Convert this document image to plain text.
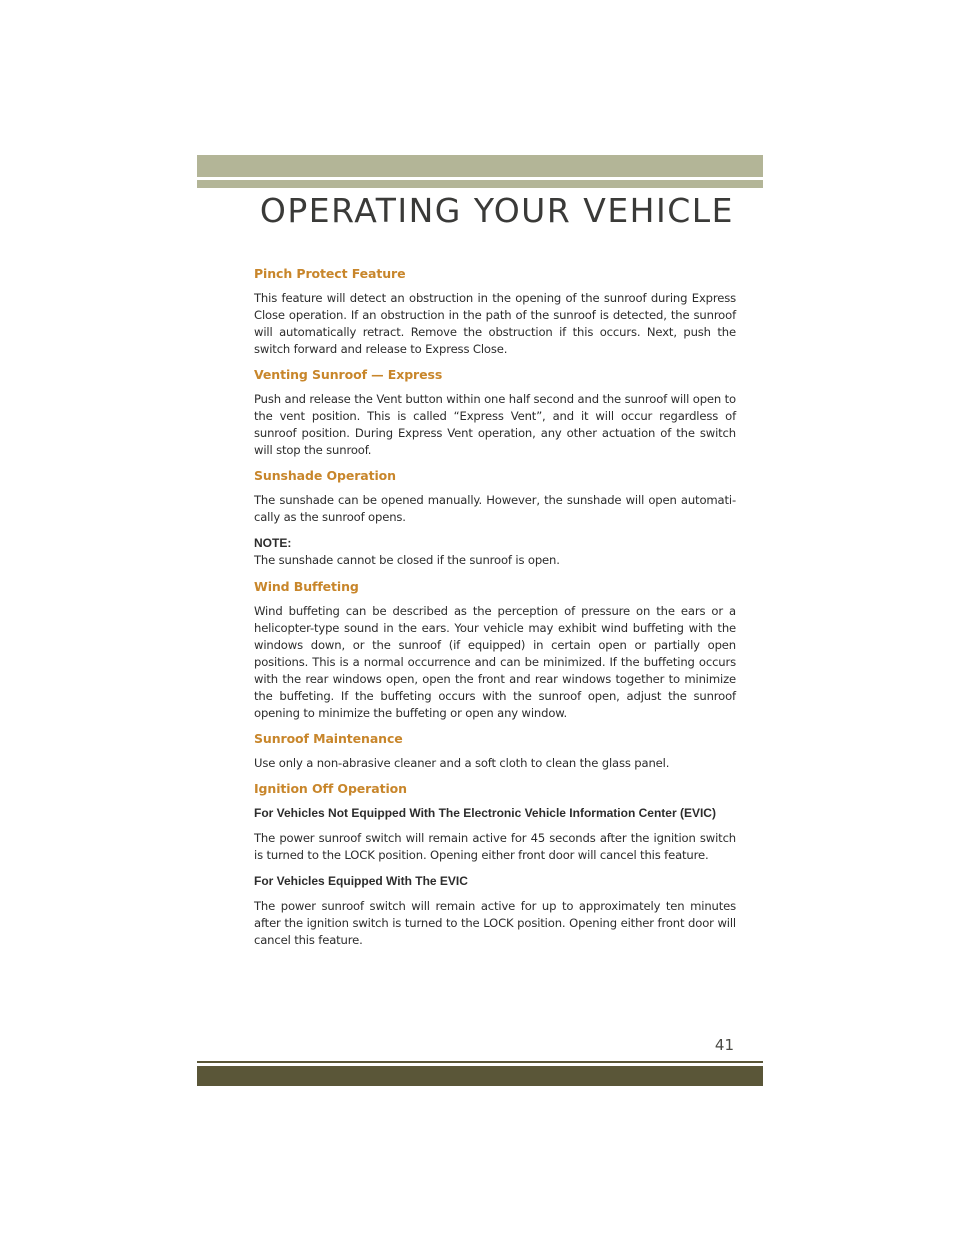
OPERATING YOUR VEHICLE
Pinch Protect Feature

This feature will detect an obstruction in the opening of the sunroof during Express Close operation. If an obstruction in the path of the sunroof is detected, the sunroof will automatically retract. Remove the obstruction if this occurs. Next, push the switch forward and release to Express Close.

Venting Sunroof — Express

Push and release the Vent button within one half second and the sunroof will open to the vent position. This is called “Express Vent”, and it will occur regardless of sunroof position. During Express Vent operation, any other actuation of the switch will stop the sunroof.

Sunshade Operation

The sunshade can be opened manually. However, the sunshade will open automati-cally as the sunroof opens.

NOTE:

The sunshade cannot be closed if the sunroof is open.

Wind Buffeting

Wind buffeting can be described as the perception of pressure on the ears or a helicopter-type sound in the ears. Your vehicle may exhibit wind buffeting with the windows down, or the sunroof (if equipped) in certain open or partially open positions. This is a normal occurrence and can be minimized. If the buffeting occurs with the rear windows open, open the front and rear windows together to minimize the buffeting. If the buffeting occurs with the sunroof open, adjust the sunroof opening to minimize the buffeting or open any window.

Sunroof Maintenance

Use only a non-abrasive cleaner and a soft cloth to clean the glass panel.

Ignition Off Operation
For Vehicles Not Equipped With The Electronic Vehicle Information Center (EVIC)

The power sunroof switch will remain active for 45 seconds after the ignition switch is turned to the LOCK position. Opening either front door will cancel this feature.

For Vehicles Equipped With The EVIC

The power sunroof switch will remain active for up to approximately ten minutes after the ignition switch is turned to the LOCK position. Opening either front door will cancel this feature.

41
